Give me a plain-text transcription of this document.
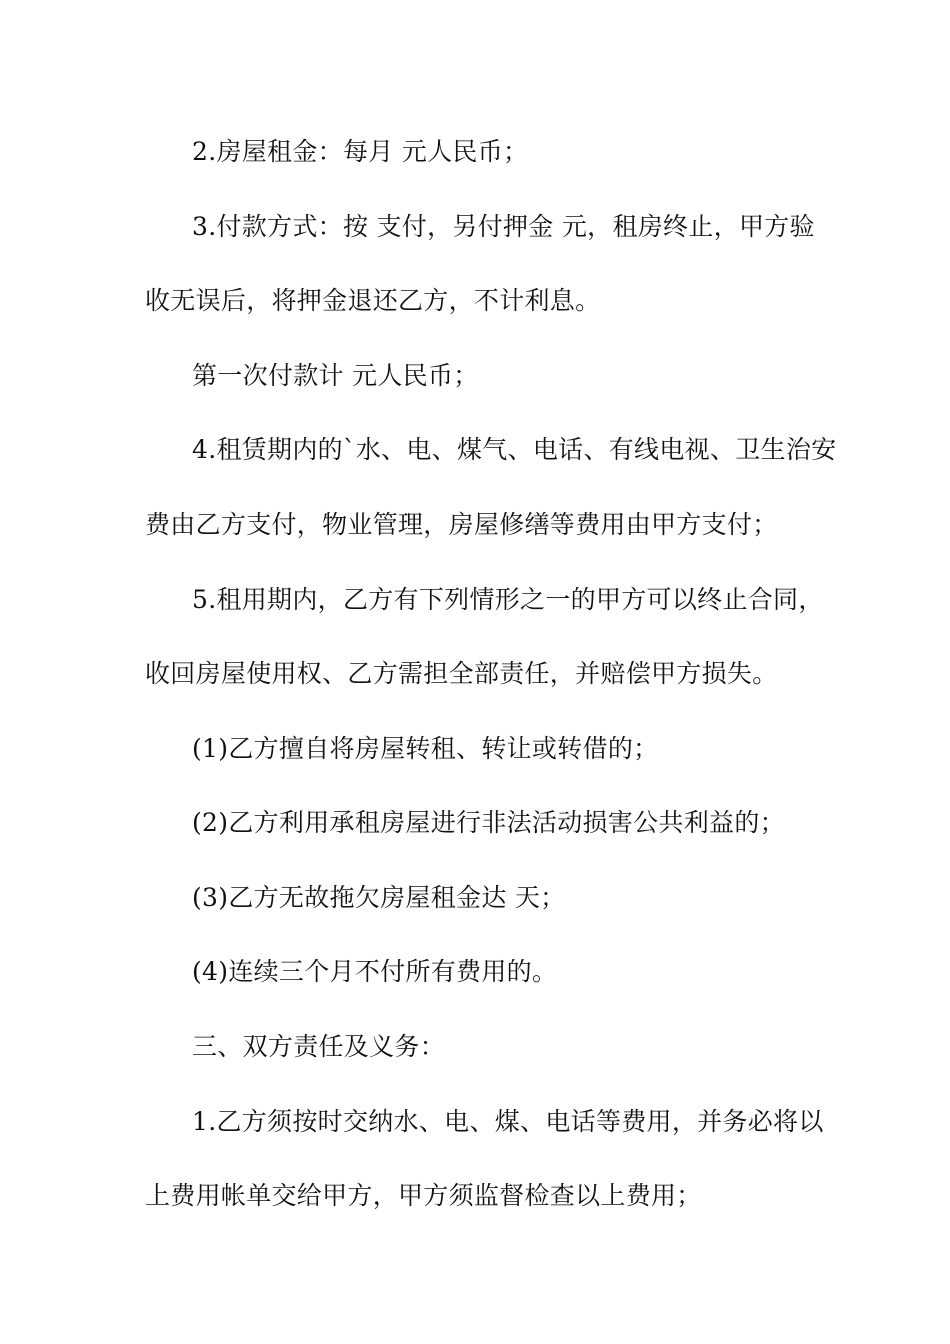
2.房屋租金：每月 元人民币；
3.付款方式：按 支付，另付押金 元，租房终止，甲方验
收无误后，将押金退还乙方，不计利息。
第一次付款计 元人民币；
4.租赁期内的`水、电、煤气、电话、有线电视、卫生治安
费由乙方支付，物业管理，房屋修缮等费用由甲方支付；
5.租用期内，乙方有下列情形之一的甲方可以终止合同，
收回房屋使用权、乙方需担全部责任，并赔偿甲方损失。
(1)乙方擅自将房屋转租、转让或转借的；
(2)乙方利用承租房屋进行非法活动损害公共利益的；
(3)乙方无故拖欠房屋租金达 天；
(4)连续三个月不付所有费用的。
三、双方责任及义务：
1.乙方须按时交纳水、电、煤、电话等费用，并务必将以
上费用帐单交给甲方，甲方须监督检查以上费用；
